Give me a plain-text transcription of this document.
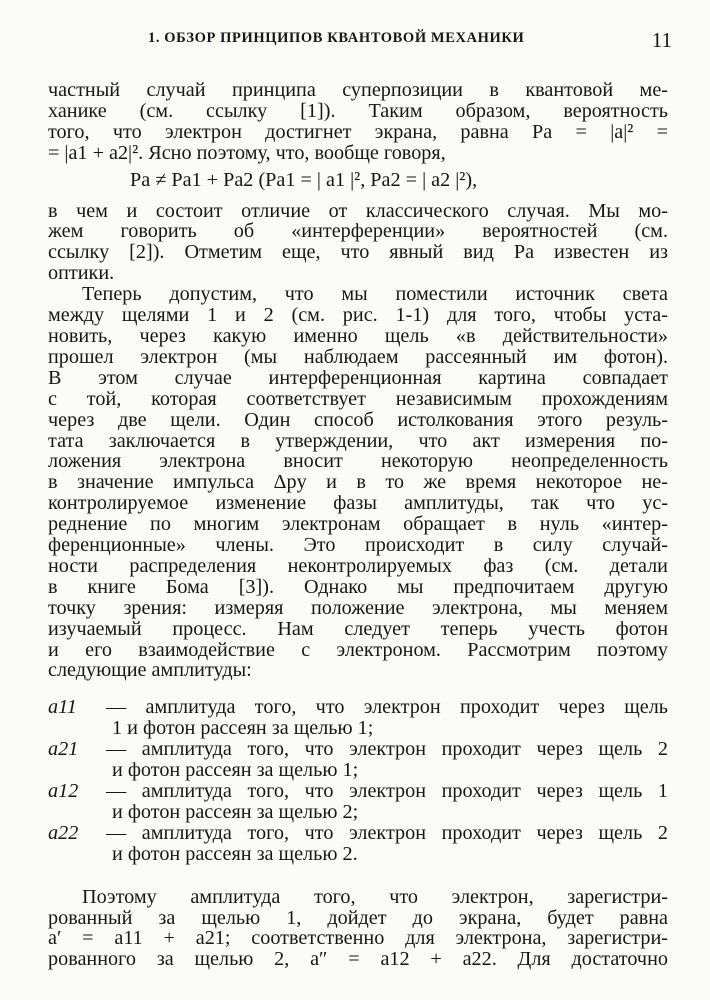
1. ОБЗОР ПРИНЦИПОВ КВАНТОВОЙ МЕХАНИКИ	11
частный случай принципа суперпозиции в квантовой ме-
ханике (см. ссылку [1]). Таким образом, вероятность
того, что электрон достигнет экрана, равна Pa = |a|² =
= |a1 + a2|². Ясно поэтому, что, вообще говоря,
Pa ≠ Pa1 + Pa2 (Pa1 = | a1 |², Pa2 = | a2 |²),
в чем и состоит отличие от классического случая. Мы мо-
жем говорить об «интерференции» вероятностей (см.
ссылку [2]). Отметим еще, что явный вид Pa известен из
оптики.
Теперь допустим, что мы поместили источник света
между щелями 1 и 2 (см. рис. 1-1) для того, чтобы уста-
новить, через какую именно щель «в действительности»
прошел электрон (мы наблюдаем рассеянный им фотон).
В этом случае интерференционная картина совпадает
с той, которая соответствует независимым прохождениям
через две щели. Один способ истолкования этого резуль-
тата заключается в утверждении, что акт измерения по-
ложения электрона вносит некоторую неопределенность
в значение импульса Δpy и в то же время некоторое не-
контролируемое изменение фазы амплитуды, так что ус-
реднение по многим электронам обращает в нуль «интер-
ференционные» члены. Это происходит в силу случай-
ности распределения неконтролируемых фаз (см. детали
в книге Бома [3]). Однако мы предпочитаем другую
точку зрения: измеряя положение электрона, мы меняем
изучаемый процесс. Нам следует теперь учесть фотон
и его взаимодействие с электроном. Рассмотрим поэтому
следующие амплитуды:
a11	— амплитуда того, что электрон проходит через щель
1 и фотон рассеян за щелью 1;
a21	— амплитуда того, что электрон проходит через щель 2
и фотон рассеян за щелью 1;
a12	— амплитуда того, что электрон проходит через щель 1
и фотон рассеян за щелью 2;
a22	— амплитуда того, что электрон проходит через щель 2
и фотон рассеян за щелью 2.
Поэтому амплитуда того, что электрон, зарегистри-
рованный за щелью 1, дойдет до экрана, будет равна
a′ = a11 + a21; соответственно для электрона, зарегистри-
рованного за щелью 2, a″ = a12 + a22. Для достаточно
